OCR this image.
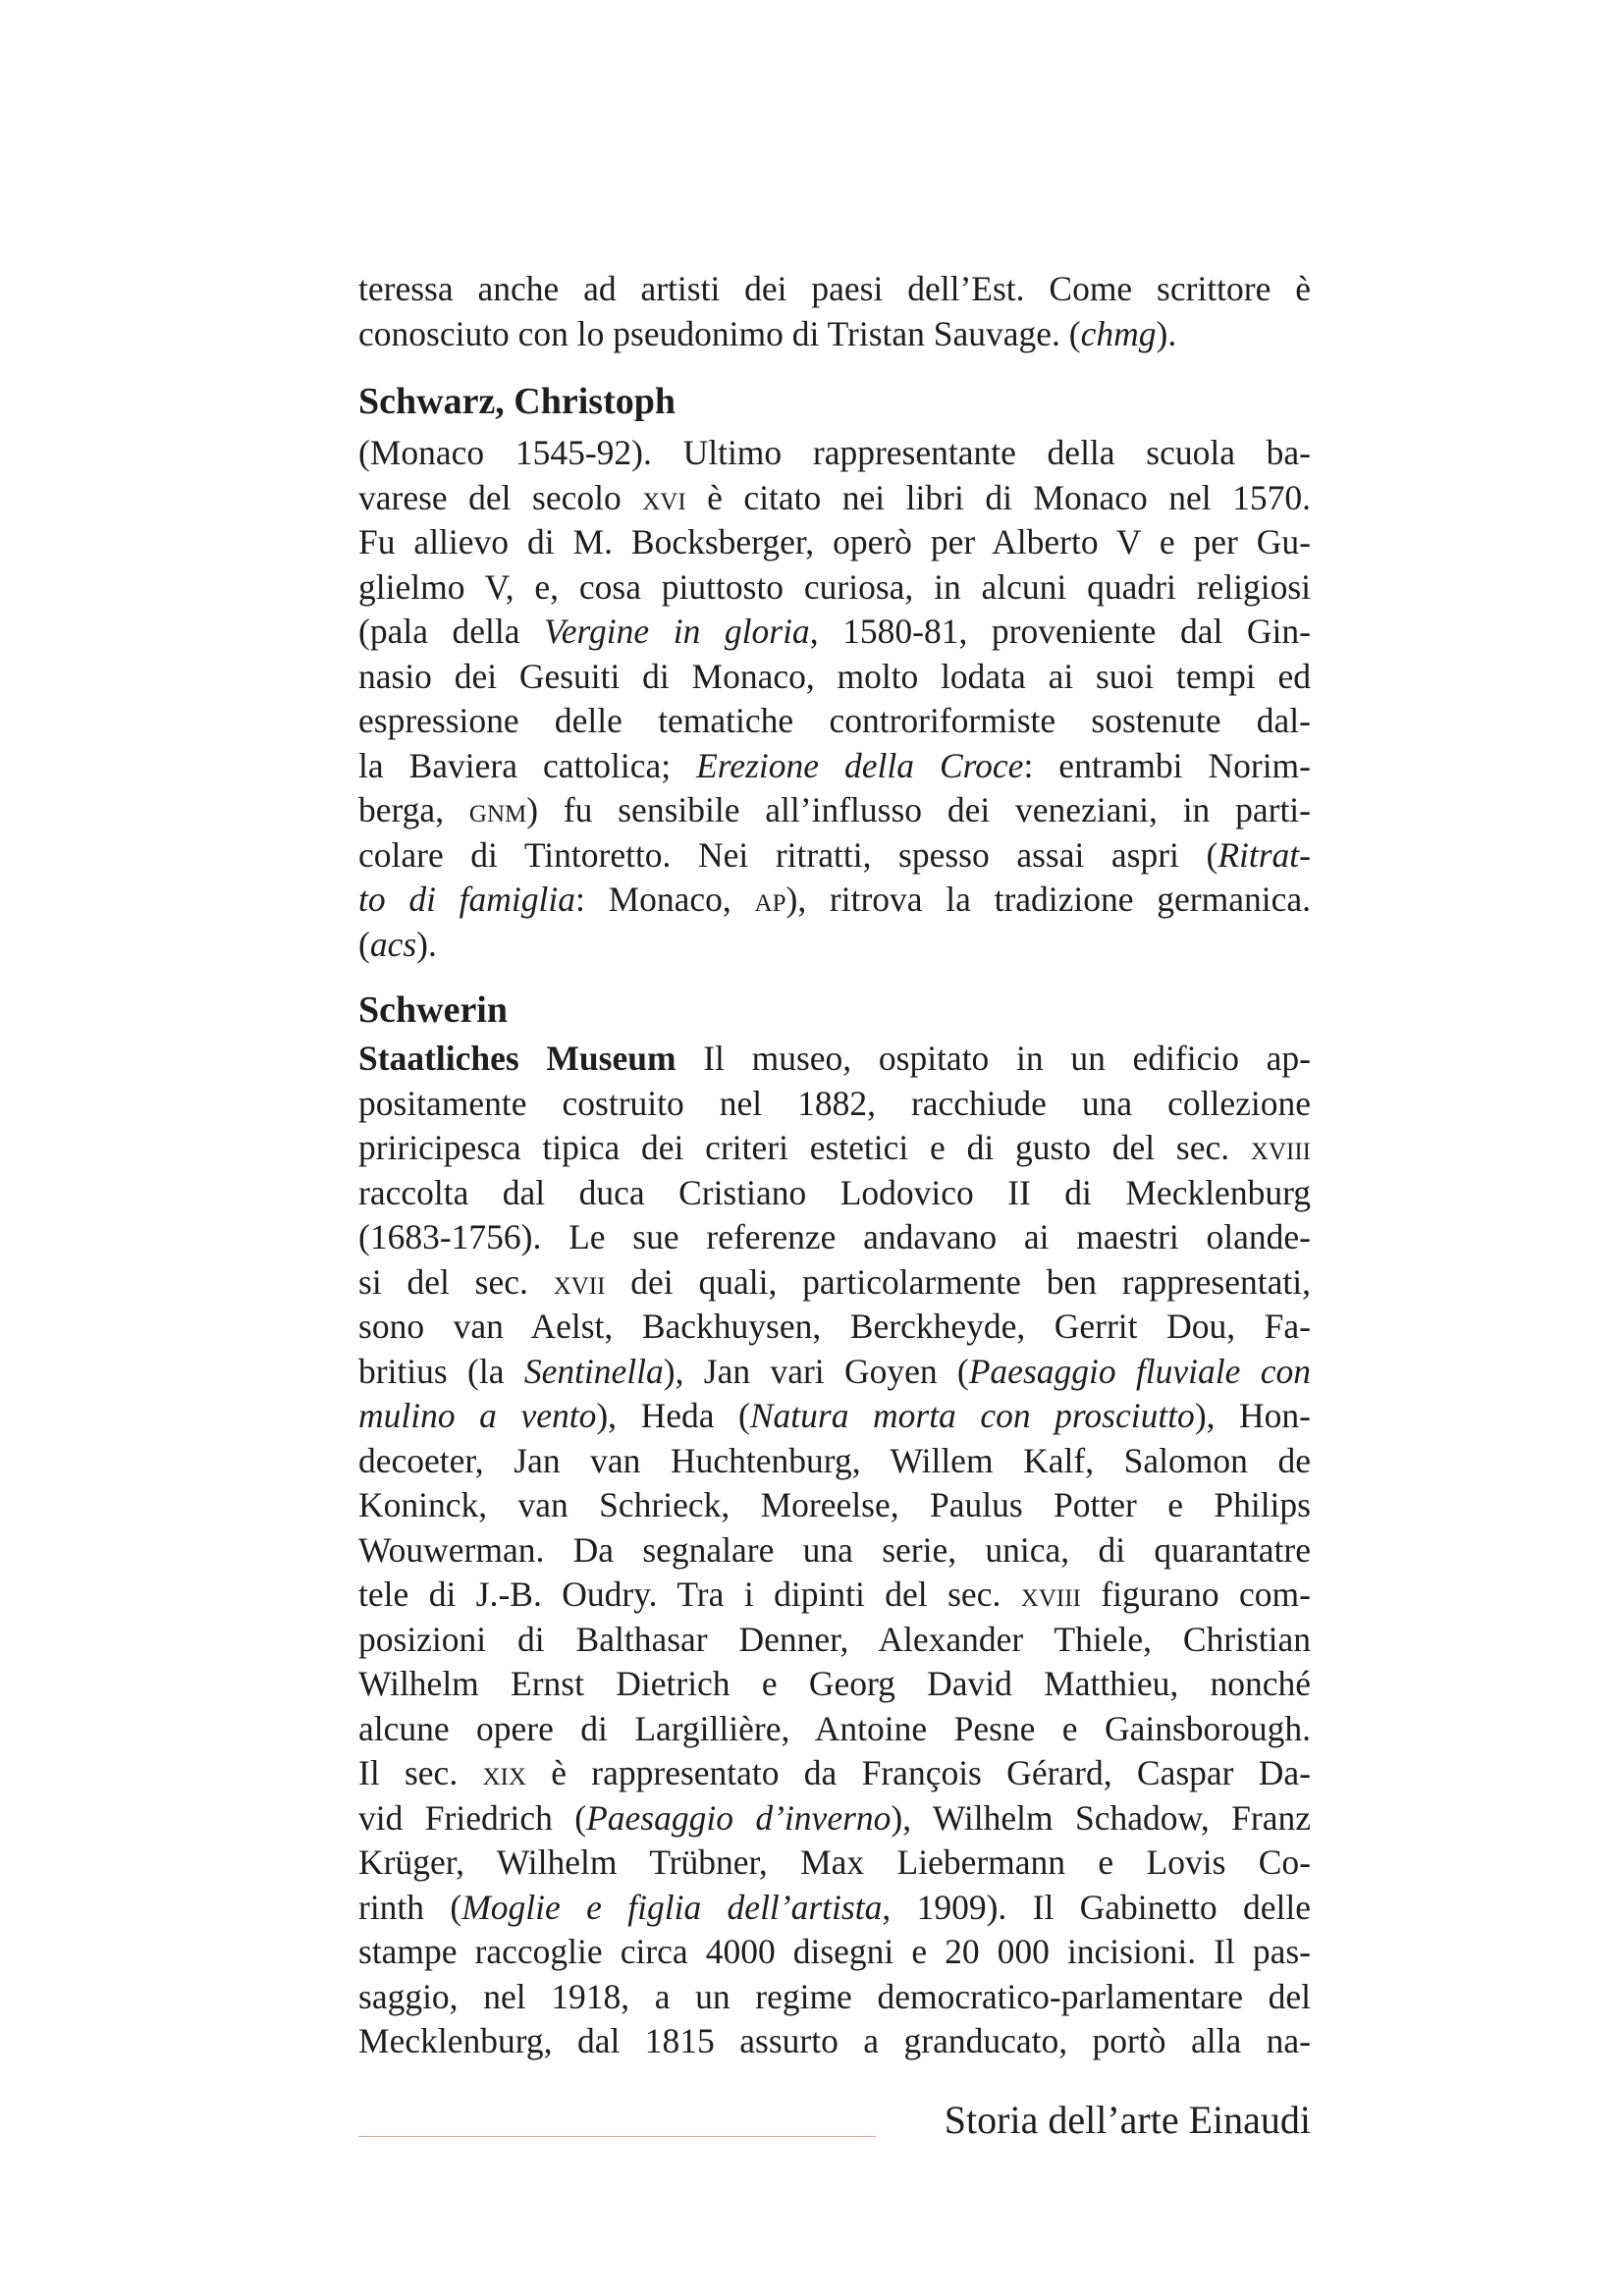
teressa anche ad artisti dei paesi dell’Est. Come scrittore è
conosciuto con lo pseudonimo di Tristan Sauvage. (chmg).
Schwarz, Christoph
(Monaco 1545-92). Ultimo rappresentante della scuola ba-
varese del secolo xvi è citato nei libri di Monaco nel 1570.
Fu allievo di M. Bocksberger, operò per Alberto V e per Gu-
glielmo V, e, cosa piuttosto curiosa, in alcuni quadri religiosi
(pala della Vergine in gloria, 1580-81, proveniente dal Gin-
nasio dei Gesuiti di Monaco, molto lodata ai suoi tempi ed
espressione delle tematiche controriformiste sostenute dal-
la Baviera cattolica; Erezione della Croce: entrambi Norim-
berga, gnm) fu sensibile all’influsso dei veneziani, in parti-
colare di Tintoretto. Nei ritratti, spesso assai aspri (Ritrat-
to di famiglia: Monaco, ap), ritrova la tradizione germanica.
(acs).
Schwerin
Staatliches Museum Il museo, ospitato in un edificio ap-
positamente costruito nel 1882, racchiude una collezione
priricipesca tipica dei criteri estetici e di gusto del sec. xviii
raccolta dal duca Cristiano Lodovico II di Mecklenburg
(1683-1756). Le sue referenze andavano ai maestri olande-
si del sec. xvii dei quali, particolarmente ben rappresentati,
sono van Aelst, Backhuysen, Berckheyde, Gerrit Dou, Fa-
britius (la Sentinella), Jan vari Goyen (Paesaggio fluviale con
mulino a vento), Heda (Natura morta con prosciutto), Hon-
decoeter, Jan van Huchtenburg, Willem Kalf, Salomon de
Koninck, van Schrieck, Moreelse, Paulus Potter e Philips
Wouwerman. Da segnalare una serie, unica, di quarantatre
tele di J.-B. Oudry. Tra i dipinti del sec. xviii figurano com-
posizioni di Balthasar Denner, Alexander Thiele, Christian
Wilhelm Ernst Dietrich e Georg David Matthieu, nonché
alcune opere di Largillière, Antoine Pesne e Gainsborough.
Il sec. xix è rappresentato da François Gérard, Caspar Da-
vid Friedrich (Paesaggio d’inverno), Wilhelm Schadow, Franz
Krüger, Wilhelm Trübner, Max Liebermann e Lovis Co-
rinth (Moglie e figlia dell’artista, 1909). Il Gabinetto delle
stampe raccoglie circa 4000 disegni e 20 000 incisioni. Il pas-
saggio, nel 1918, a un regime democratico-parlamentare del
Mecklenburg, dal 1815 assurto a granducato, portò alla na-
Storia dell’arte Einaudi
